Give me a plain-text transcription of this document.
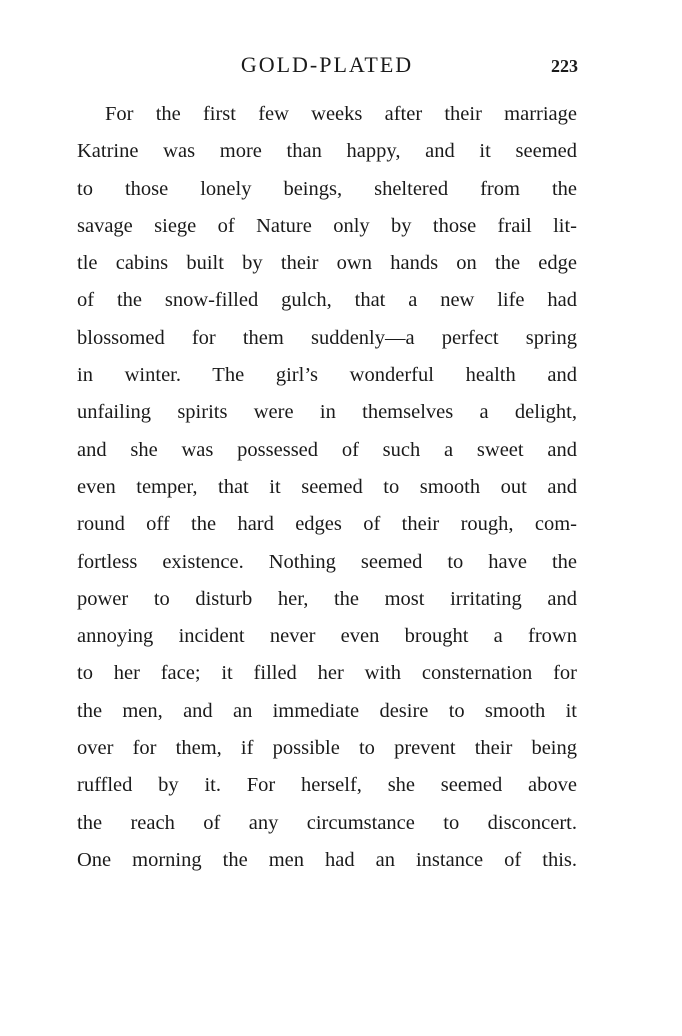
GOLD-PLATED	223
For the first few weeks after their marriage
Katrine was more than happy, and it seemed
to those lonely beings, sheltered from the
savage siege of Nature only by those frail lit-
tle cabins built by their own hands on the edge
of the snow-filled gulch, that a new life had
blossomed for them suddenly—a perfect spring
in winter. The girl’s wonderful health and
unfailing spirits were in themselves a delight,
and she was possessed of such a sweet and
even temper, that it seemed to smooth out and
round off the hard edges of their rough, com-
fortless existence. Nothing seemed to have the
power to disturb her, the most irritating and
annoying incident never even brought a frown
to her face; it filled her with consternation for
the men, and an immediate desire to smooth it
over for them, if possible to prevent their being
ruffled by it. For herself, she seemed above
the reach of any circumstance to disconcert.
One morning the men had an instance of this.
